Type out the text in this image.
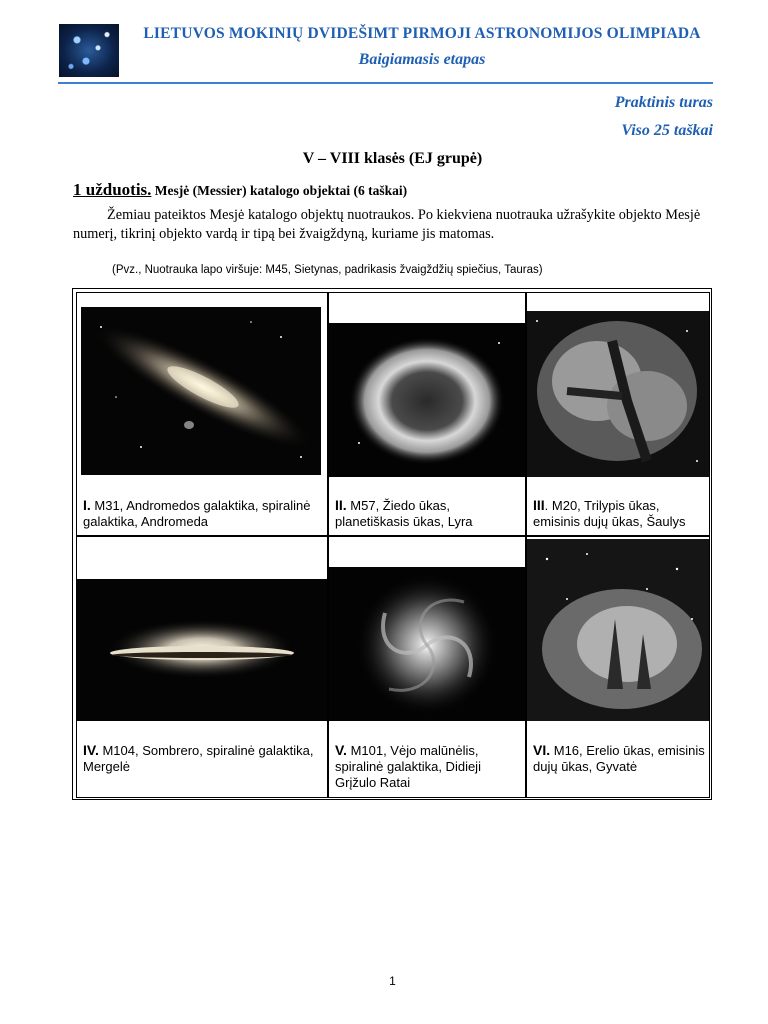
LIETUVOS MOKINIŲ DVIDEŠIMT PIRMOJI ASTRONOMIJOS OLIMPIADA
Baigiamasis etapas
Praktinis turas
Viso 25 taškai
V – VIII klasės (EJ grupė)
1 užduotis. Mesjė (Messier) katalogo objektai (6 taškai)
Žemiau pateiktos Mesjė katalogo objektų nuotraukos. Po kiekviena nuotrauka užrašykite objekto Mesjė numerį, tikrinį objekto vardą ir tipą bei žvaigždyną, kuriame jis matomas.
(Pvz., Nuotrauka lapo viršuje: M45, Sietynas, padrikasis žvaigždžių spiečius, Tauras)
I. M31, Andromedos galaktika, spiralinė galaktika, Andromeda
II. M57, Žiedo ūkas, planetiškasis ūkas, Lyra
III. M20, Trilypis ūkas, emisinis dujų ūkas, Šaulys
IV. M104, Sombrero, spiralinė galaktika, Mergelė
V. M101, Vėjo malūnėlis, spiralinė galaktika, Didieji Grįžulo Ratai
VI. M16, Erelio ūkas, emisinis dujų ūkas, Gyvatė
1
